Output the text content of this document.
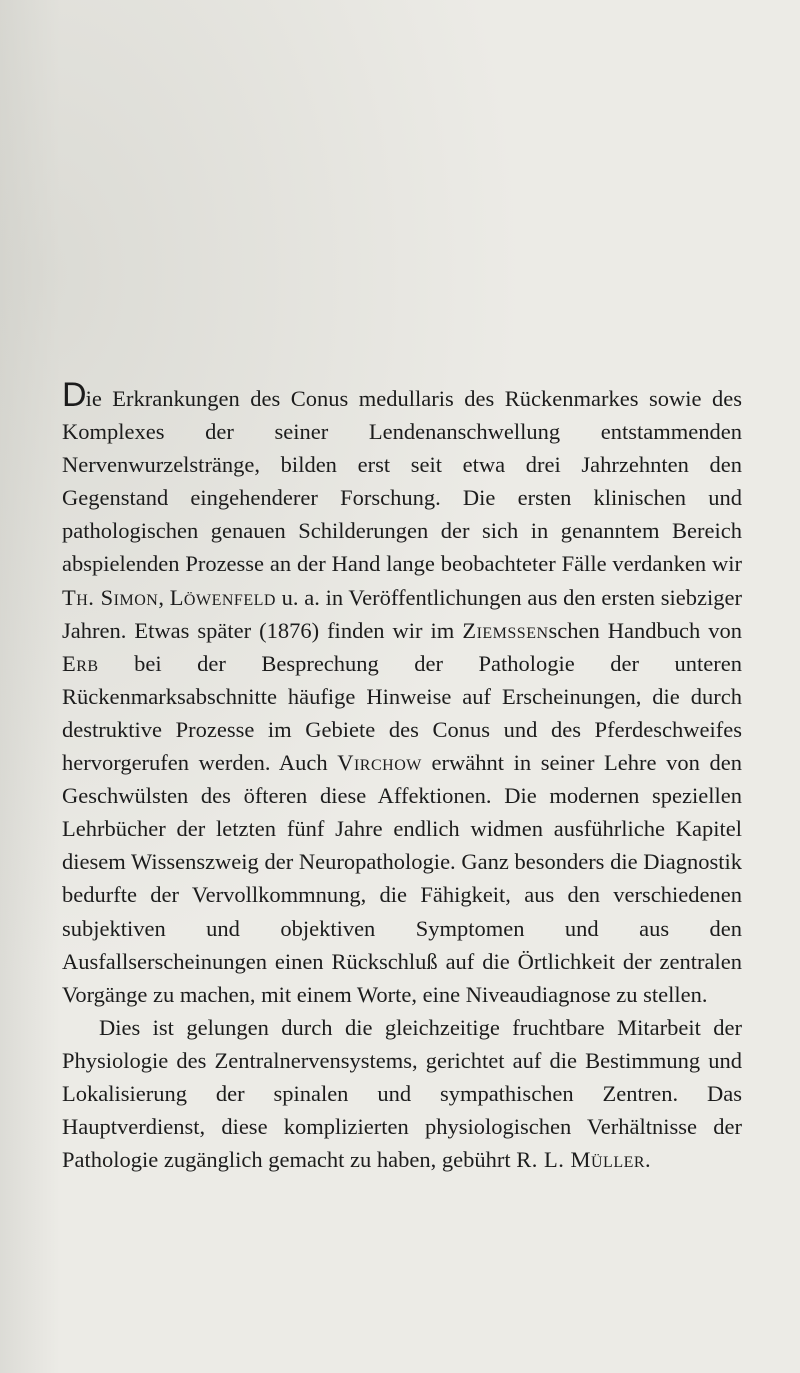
Die Erkrankungen des Conus medullaris des Rückenmarkes sowie des Komplexes der seiner Lendenanschwellung entstammenden Nervenwurzelstränge, bilden erst seit etwa drei Jahrzehnten den Gegenstand eingehenderer Forschung. Die ersten klinischen und pathologischen genauen Schilderungen der sich in genanntem Bereich abspielenden Prozesse an der Hand lange beobachteter Fälle verdanken wir Th. Simon, Löwenfeld u. a. in Veröffentlichungen aus den ersten siebziger Jahren. Etwas später (1876) finden wir im Ziemssenschen Handbuch von Erb bei der Besprechung der Pathologie der unteren Rückenmarksabschnitte häufige Hinweise auf Erscheinungen, die durch destruktive Prozesse im Gebiete des Conus und des Pferdeschweifes hervorgerufen werden. Auch Virchow erwähnt in seiner Lehre von den Geschwülsten des öfteren diese Affektionen. Die modernen speziellen Lehrbücher der letzten fünf Jahre endlich widmen ausführliche Kapitel diesem Wissenszweig der Neuropathologie. Ganz besonders die Diagnostik bedurfte der Vervollkommnung, die Fähigkeit, aus den verschiedenen subjektiven und objektiven Symptomen und aus den Ausfallserscheinungen einen Rückschluß auf die Örtlichkeit der zentralen Vorgänge zu machen, mit einem Worte, eine Niveaudiagnose zu stellen.

Dies ist gelungen durch die gleichzeitige fruchtbare Mitarbeit der Physiologie des Zentralnervensystems, gerichtet auf die Bestimmung und Lokalisierung der spinalen und sympathischen Zentren. Das Hauptverdienst, diese komplizierten physiologischen Verhältnisse der Pathologie zugänglich gemacht zu haben, gebührt R. L. Müller.
